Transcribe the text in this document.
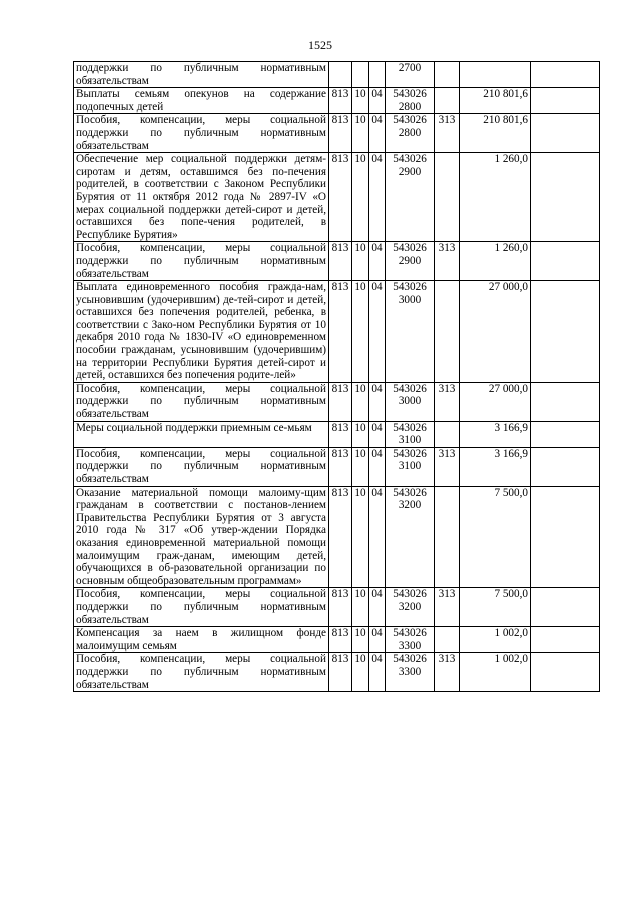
1525
поддержки по публичным нормативным обязательствам				2700			
Выплаты семьям опекунов на содержание подопечных детей	813	10	04	543026 2800		210 801,6	
Пособия, компенсации, меры социальной поддержки по публичным нормативным обязательствам	813	10	04	543026 2800	313	210 801,6	
Обеспечение мер социальной поддержки детям-сиротам и детям, оставшимся без по-печения родителей, в соответствии с Законом Республики Бурятия от 11 октября 2012 года № 2897-IV «О мерах социальной поддержки детей-сирот и детей, оставшихся без попе-чения родителей, в Республике Бурятия»	813	10	04	543026 2900		1 260,0	
Пособия, компенсации, меры социальной поддержки по публичным нормативным обязательствам	813	10	04	543026 2900	313	1 260,0	
Выплата единовременного пособия гражда-нам, усыновившим (удочерившим) де-тей-сирот и детей, оставшихся без попечения родителей, ребенка, в соответствии с Зако-ном Республики Бурятия от 10 декабря 2010 года № 1830-IV «О единовременном пособии гражданам, усыновившим (удочерившим) на территории Республики Бурятия детей-сирот и детей, оставшихся без попечения родите-лей»	813	10	04	543026 3000		27 000,0	
Пособия, компенсации, меры социальной поддержки по публичным нормативным обязательствам	813	10	04	543026 3000	313	27 000,0	
Меры социальной поддержки приемным се-мьям	813	10	04	543026 3100		3 166,9	
Пособия, компенсации, меры социальной поддержки по публичным нормативным обязательствам	813	10	04	543026 3100	313	3 166,9	
Оказание материальной помощи малоиму-щим гражданам в соответствии с постанов-лением Правительства Республики Бурятия от 3 августа 2010 года № 317 «Об утвер-ждении Порядка оказания единовременной материальной помощи малоимущим граж-данам, имеющим детей, обучающихся в об-разовательной организации по основным общеобразовательным программам»	813	10	04	543026 3200		7 500,0	
Пособия, компенсации, меры социальной поддержки по публичным нормативным обязательствам	813	10	04	543026 3200	313	7 500,0	
Компенсация за наем в жилищном фонде малоимущим семьям	813	10	04	543026 3300		1 002,0	
Пособия, компенсации, меры социальной поддержки по публичным нормативным обязательствам	813	10	04	543026 3300	313	1 002,0	
